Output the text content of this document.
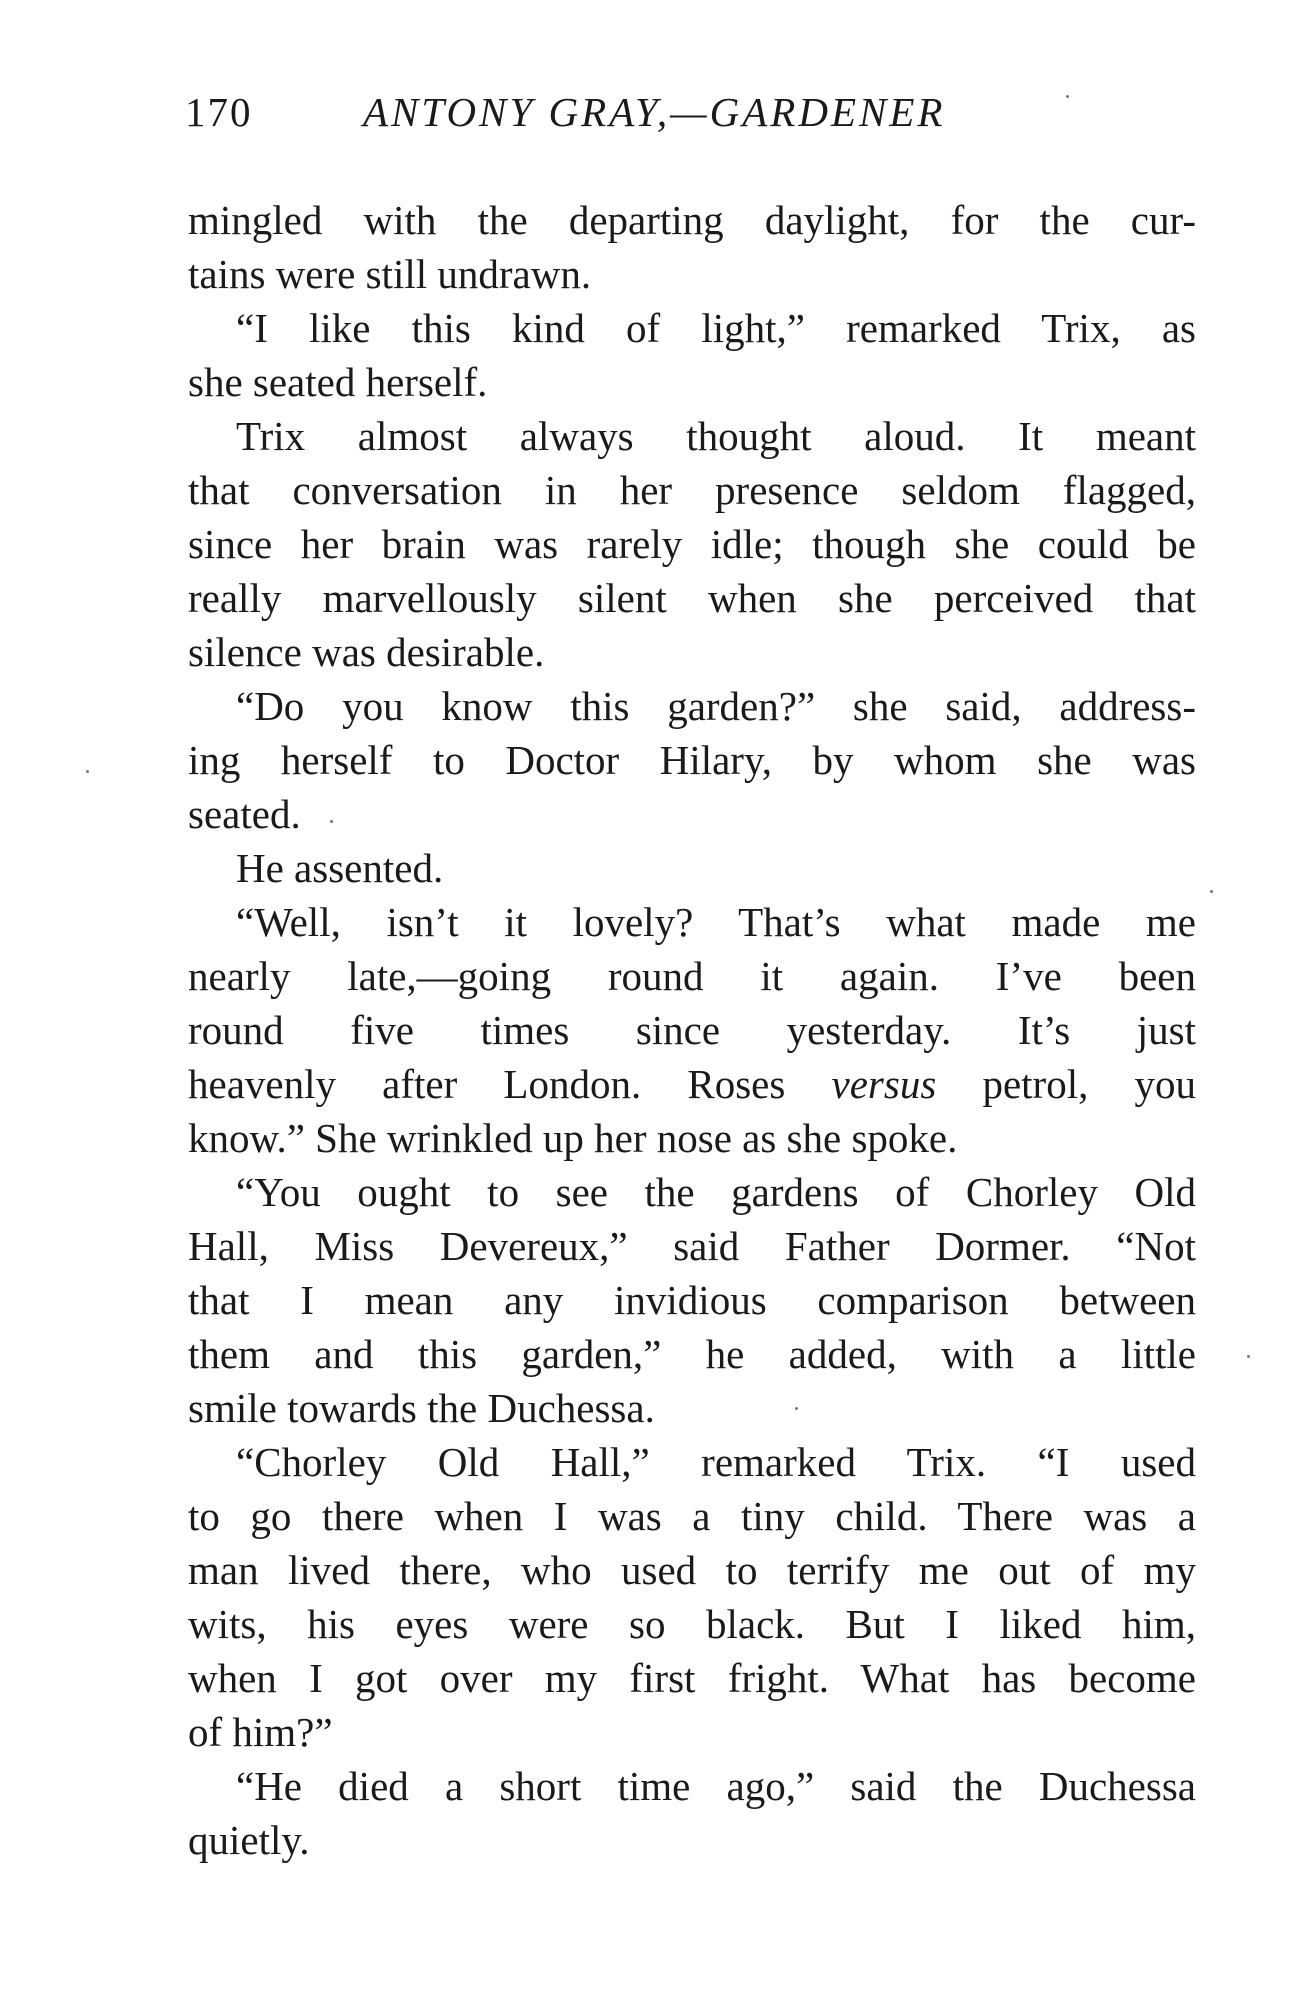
170	ANTONY GRAY,—GARDENER
mingled with the departing daylight, for the cur-
tains were still undrawn.
“I like this kind of light,” remarked Trix, as
she seated herself.
Trix almost always thought aloud. It meant
that conversation in her presence seldom flagged,
since her brain was rarely idle; though she could be
really marvellously silent when she perceived that
silence was desirable.
“Do you know this garden?” she said, address-
ing herself to Doctor Hilary, by whom she was
seated.
He assented.
“Well, isn’t it lovely? That’s what made me
nearly late,—going round it again. I’ve been
round five times since yesterday. It’s just
heavenly after London. Roses versus petrol, you
know.” She wrinkled up her nose as she spoke.
“You ought to see the gardens of Chorley Old
Hall, Miss Devereux,” said Father Dormer. “Not
that I mean any invidious comparison between
them and this garden,” he added, with a little
smile towards the Duchessa.
“Chorley Old Hall,” remarked Trix. “I used
to go there when I was a tiny child. There was a
man lived there, who used to terrify me out of my
wits, his eyes were so black. But I liked him,
when I got over my first fright. What has become
of him?”
“He died a short time ago,” said the Duchessa
quietly.
